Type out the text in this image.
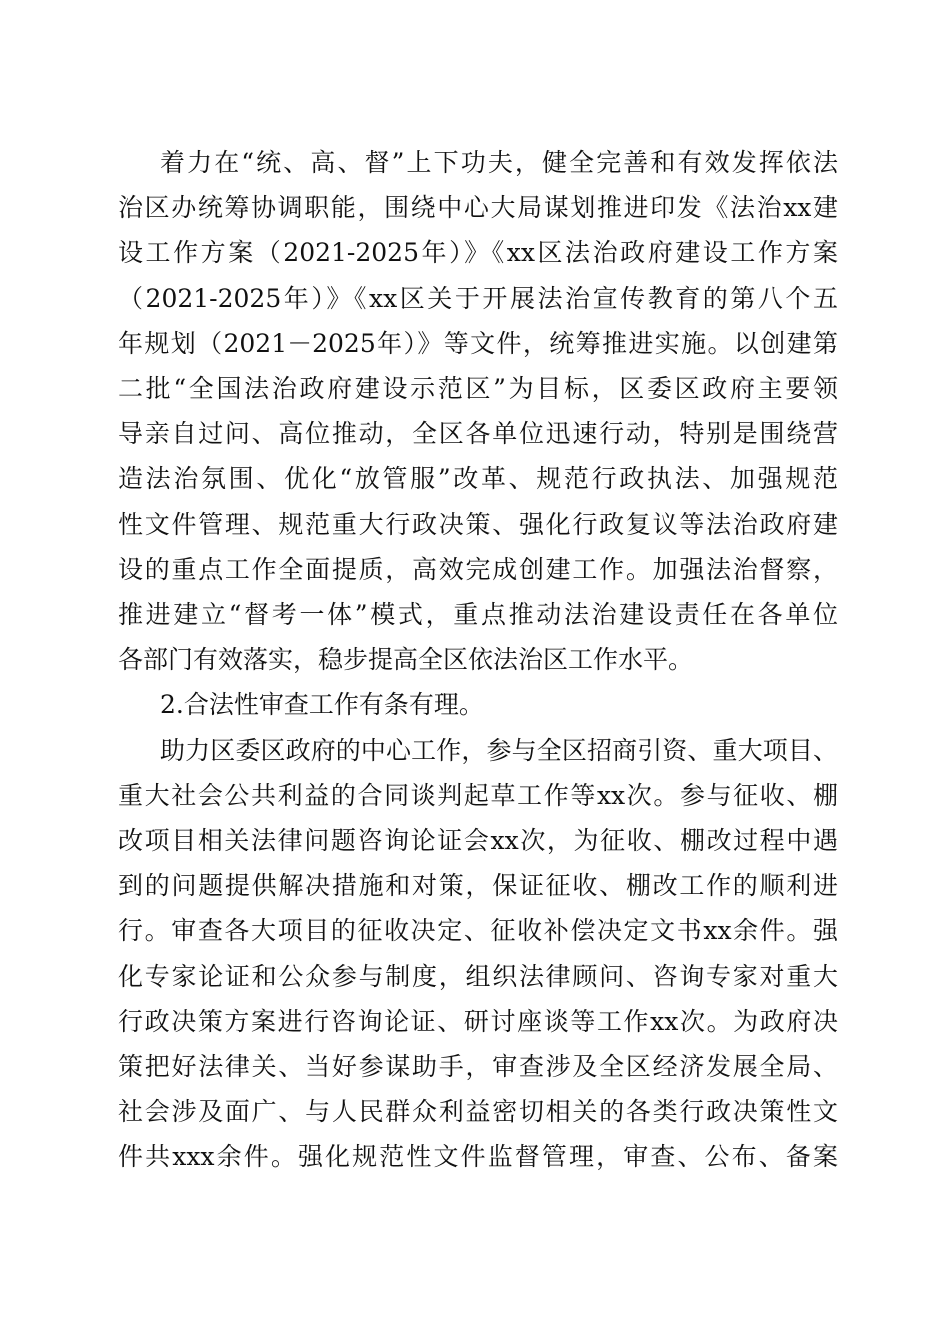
着力在“统、高、督”上下功夫，健全完善和有效发挥依法
治区办统筹协调职能，围绕中心大局谋划推进印发《法治xx建
设工作方案（2021-2025年）》《xx区法治政府建设工作方案
（2021-2025年）》《xx区关于开展法治宣传教育的第八个五
年规划（2021－2025年）》等文件，统筹推进实施。以创建第
二批“全国法治政府建设示范区”为目标，区委区政府主要领
导亲自过问、高位推动，全区各单位迅速行动，特别是围绕营
造法治氛围、优化“放管服”改革、规范行政执法、加强规范
性文件管理、规范重大行政决策、强化行政复议等法治政府建
设的重点工作全面提质，高效完成创建工作。加强法治督察，
推进建立“督考一体”模式，重点推动法治建设责任在各单位
各部门有效落实，稳步提高全区依法治区工作水平。
2.合法性审查工作有条有理。
助力区委区政府的中心工作，参与全区招商引资、重大项目、
重大社会公共利益的合同谈判起草工作等xx次。参与征收、棚
改项目相关法律问题咨询论证会xx次，为征收、棚改过程中遇
到的问题提供解决措施和对策，保证征收、棚改工作的顺利进
行。审查各大项目的征收决定、征收补偿决定文书xx余件。强
化专家论证和公众参与制度，组织法律顾问、咨询专家对重大
行政决策方案进行咨询论证、研讨座谈等工作xx次。为政府决
策把好法律关、当好参谋助手，审查涉及全区经济发展全局、
社会涉及面广、与人民群众利益密切相关的各类行政决策性文
件共xxx余件。强化规范性文件监督管理，审查、公布、备案
